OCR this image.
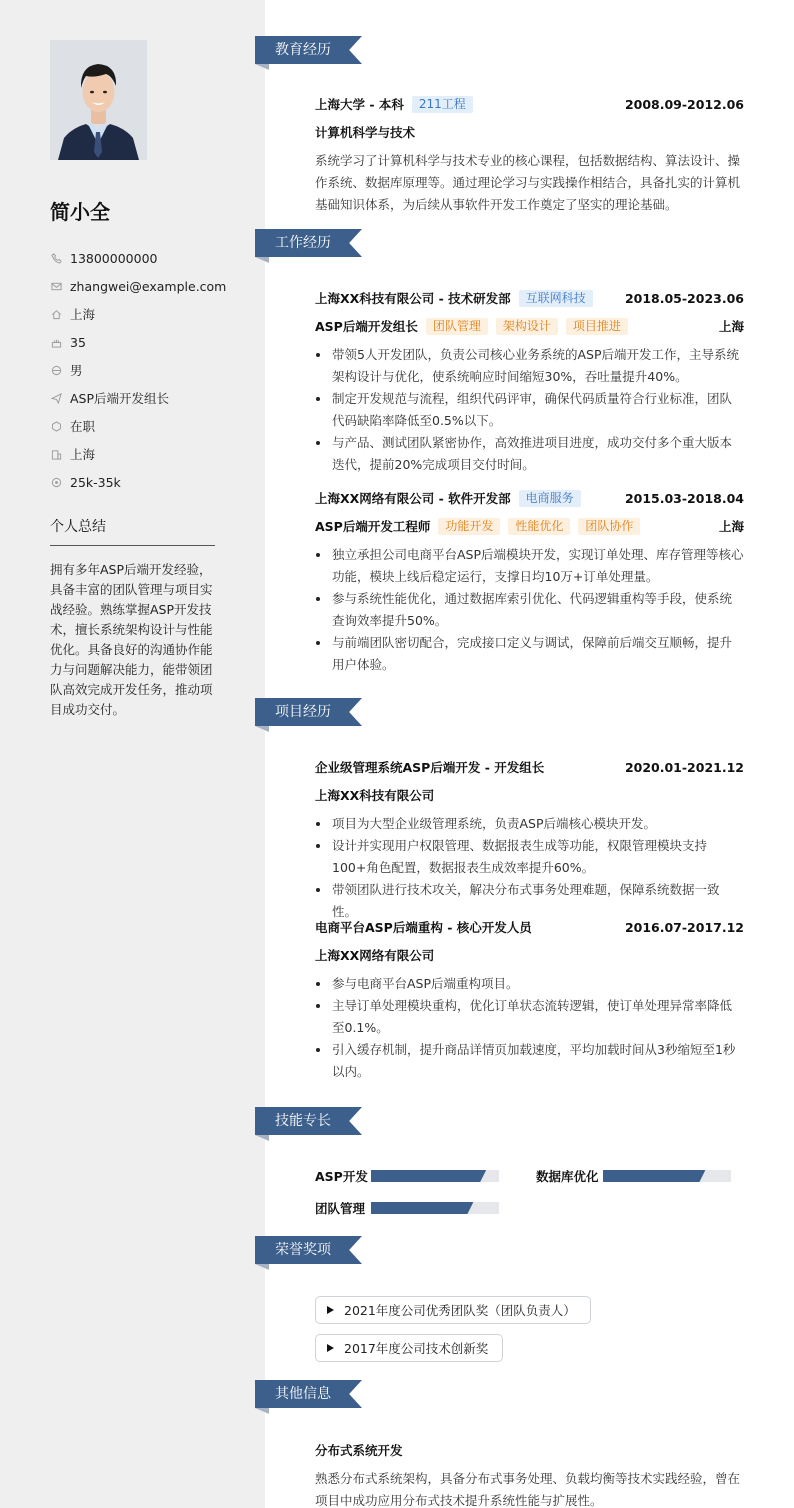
简小全
13800000000
zhangwei@example.com
上海
35
男
ASP后端开发组长
在职
上海
25k-35k
个人总结
拥有多年ASP后端开发经验，具备丰富的团队管理与项目实战经验。熟练掌握ASP开发技术，擅长系统架构设计与性能优化。具备良好的沟通协作能力与问题解决能力，能带领团队高效完成开发任务，推动项目成功交付。
教育经历
上海大学 - 本科	211工程	2008.09-2012.06
计算机科学与技术
系统学习了计算机科学与技术专业的核心课程，包括数据结构、算法设计、操作系统、数据库原理等。通过理论学习与实践操作相结合，具备扎实的计算机基础知识体系，为后续从事软件开发工作奠定了坚实的理论基础。
工作经历
上海XX科技有限公司 - 技术研发部	互联网科技	2018.05-2023.06
ASP后端开发组长	团队管理	架构设计	项目推进	上海
带领5人开发团队，负责公司核心业务系统的ASP后端开发工作，主导系统架构设计与优化，使系统响应时间缩短30%，吞吐量提升40%。
制定开发规范与流程，组织代码评审，确保代码质量符合行业标准，团队代码缺陷率降低至0.5%以下。
与产品、测试团队紧密协作，高效推进项目进度，成功交付多个重大版本迭代，提前20%完成项目交付时间。
上海XX网络有限公司 - 软件开发部	电商服务	2015.03-2018.04
ASP后端开发工程师	功能开发	性能优化	团队协作	上海
独立承担公司电商平台ASP后端模块开发，实现订单处理、库存管理等核心功能，模块上线后稳定运行，支撑日均10万+订单处理量。
参与系统性能优化，通过数据库索引优化、代码逻辑重构等手段，使系统查询效率提升50%。
与前端团队密切配合，完成接口定义与调试，保障前后端交互顺畅，提升用户体验。
项目经历
企业级管理系统ASP后端开发 - 开发组长	2020.01-2021.12
上海XX科技有限公司
项目为大型企业级管理系统，负责ASP后端核心模块开发。
设计并实现用户权限管理、数据报表生成等功能，权限管理模块支持100+角色配置，数据报表生成效率提升60%。
带领团队进行技术攻关，解决分布式事务处理难题，保障系统数据一致性。
电商平台ASP后端重构 - 核心开发人员	2016.07-2017.12
上海XX网络有限公司
参与电商平台ASP后端重构项目。
主导订单处理模块重构，优化订单状态流转逻辑，使订单处理异常率降低至0.1%。
引入缓存机制，提升商品详情页加载速度，平均加载时间从3秒缩短至1秒以内。
技能专长
ASP开发	数据库优化
团队管理
荣誉奖项
2021年度公司优秀团队奖（团队负责人）
2017年度公司技术创新奖
其他信息
分布式系统开发
熟悉分布式系统架构，具备分布式事务处理、负载均衡等技术实践经验，曾在项目中成功应用分布式技术提升系统性能与扩展性。
